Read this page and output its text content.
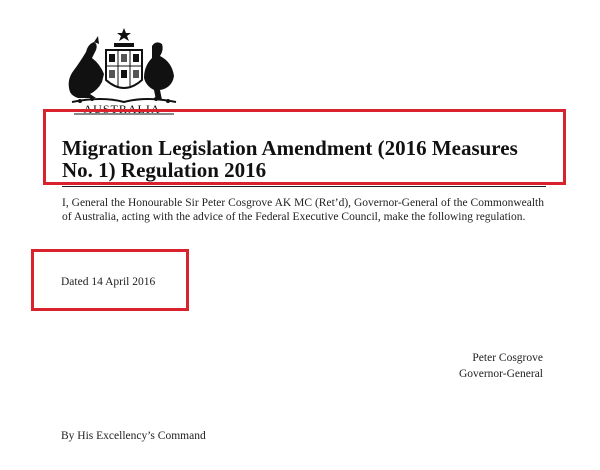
AUSTRALIA
Migration Legislation Amendment (2016 Measures No. 1) Regulation 2016

I, General the Honourable Sir Peter Cosgrove AK MC (Ret’d), Governor-General of the Commonwealth of Australia, acting with the advice of the Federal Executive Council, make the following regulation.

Dated 14 April 2016

Peter Cosgrove
Governor-General

By His Excellency’s Command
